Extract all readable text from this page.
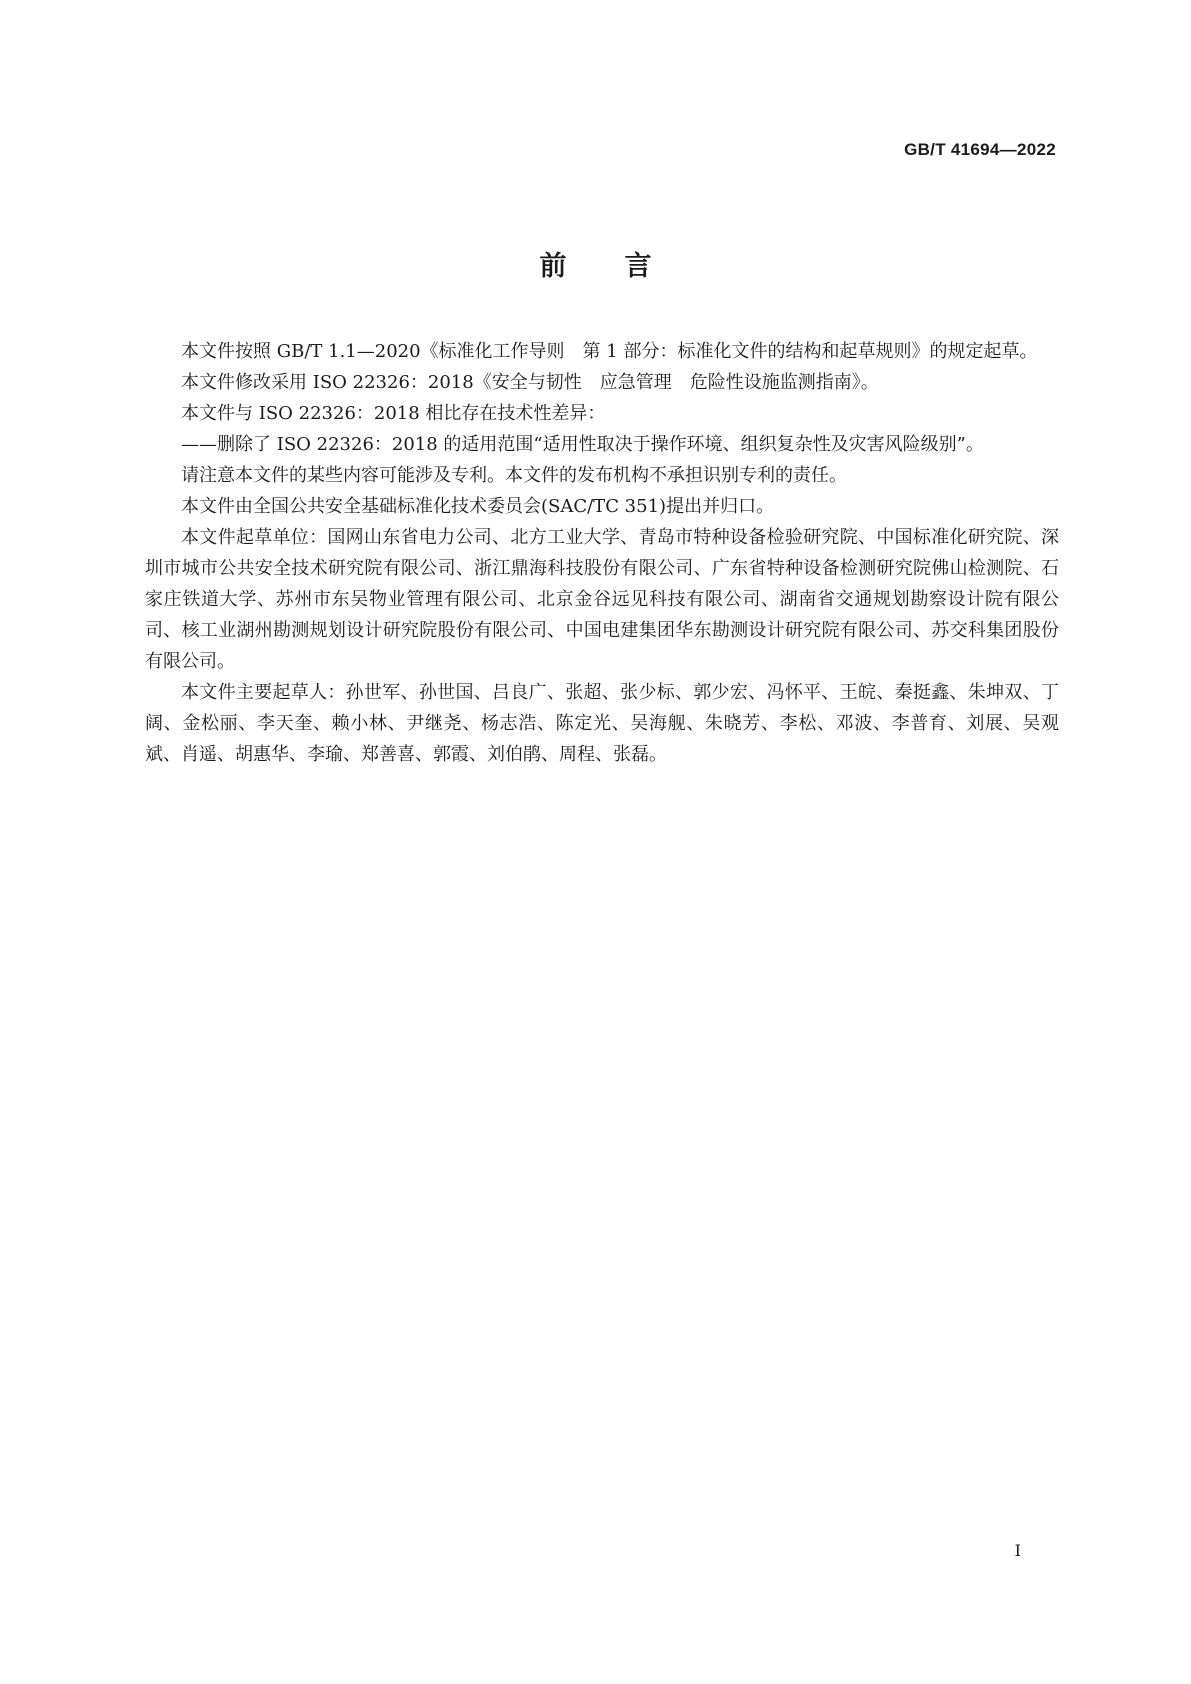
GB/T 41694—2022
前 言

本文件按照 GB/T 1.1—2020《标准化工作导则　第 1 部分：标准化文件的结构和起草规则》的规定起草。

本文件修改采用 ISO 22326：2018《安全与韧性　应急管理　危险性设施监测指南》。

本文件与 ISO 22326：2018 相比存在技术性差异：

——删除了 ISO 22326：2018 的适用范围“适用性取决于操作环境、组织复杂性及灾害风险级别”。

请注意本文件的某些内容可能涉及专利。本文件的发布机构不承担识别专利的责任。

本文件由全国公共安全基础标准化技术委员会(SAC/TC 351)提出并归口。

本文件起草单位：国网山东省电力公司、北方工业大学、青岛市特种设备检验研究院、中国标准化研究院、深圳市城市公共安全技术研究院有限公司、浙江鼎海科技股份有限公司、广东省特种设备检测研究院佛山检测院、石家庄铁道大学、苏州市东吴物业管理有限公司、北京金谷远见科技有限公司、湖南省交通规划勘察设计院有限公司、核工业湖州勘测规划设计研究院股份有限公司、中国电建集团华东勘测设计研究院有限公司、苏交科集团股份有限公司。

本文件主要起草人：孙世军、孙世国、吕良广、张超、张少标、郭少宏、冯怀平、王皖、秦挺鑫、朱坤双、丁阔、金松丽、李天奎、赖小林、尹继尧、杨志浩、陈定光、吴海舰、朱晓芳、李松、邓波、李普育、刘展、吴观斌、肖遥、胡惠华、李瑜、郑善喜、郭霞、刘伯鹃、周程、张磊。

I
